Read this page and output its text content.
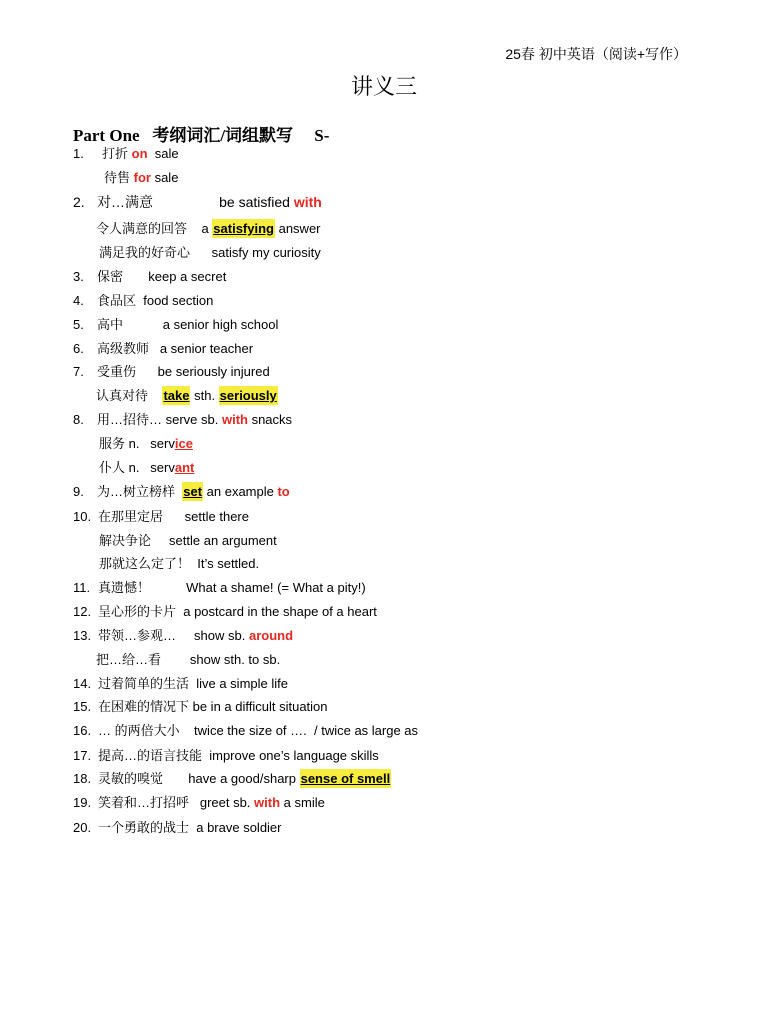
25春 初中英语（阅读+写作）
讲义三
Part One   考纲词汇/词组默写     S-
1. 打折 on  sale
待售 for sale
2. 对…满意                 be satisfied with
令人满意的回答    a satisfying answer
满足我的好奇心      satisfy my curiosity
3. 保密       keep a secret
4. 食品区  food section
5. 高中           a senior high school
6. 高级教师   a senior teacher
7. 受重伤      be seriously injured
认真对待    take sth. seriously
8. 用…招待… serve sb. with snacks
服务 n.   service
仆人 n.   servant
9. 为…树立榜样  set an example to
10. 在那里定居      settle there
解决争论     settle an argument
那就这么定了！  It’s settled.
11. 真遗憾！          What a shame! (= What a pity!)
12. 呈心形的卡片  a postcard in the shape of a heart
13. 带领…参观…     show sb. around
把…给…看        show sth. to sb.
14. 过着简单的生活  live a simple life
15. 在困难的情况下 be in a difficult situation
16. … 的两倍大小    twice the size of ….  / twice as large as
17. 提高…的语言技能  improve one’s language skills
18. 灵敏的嗅觉       have a good/sharp sense of smell
19. 笑着和…打招呼   greet sb. with a smile
20. 一个勇敢的战士  a brave soldier
